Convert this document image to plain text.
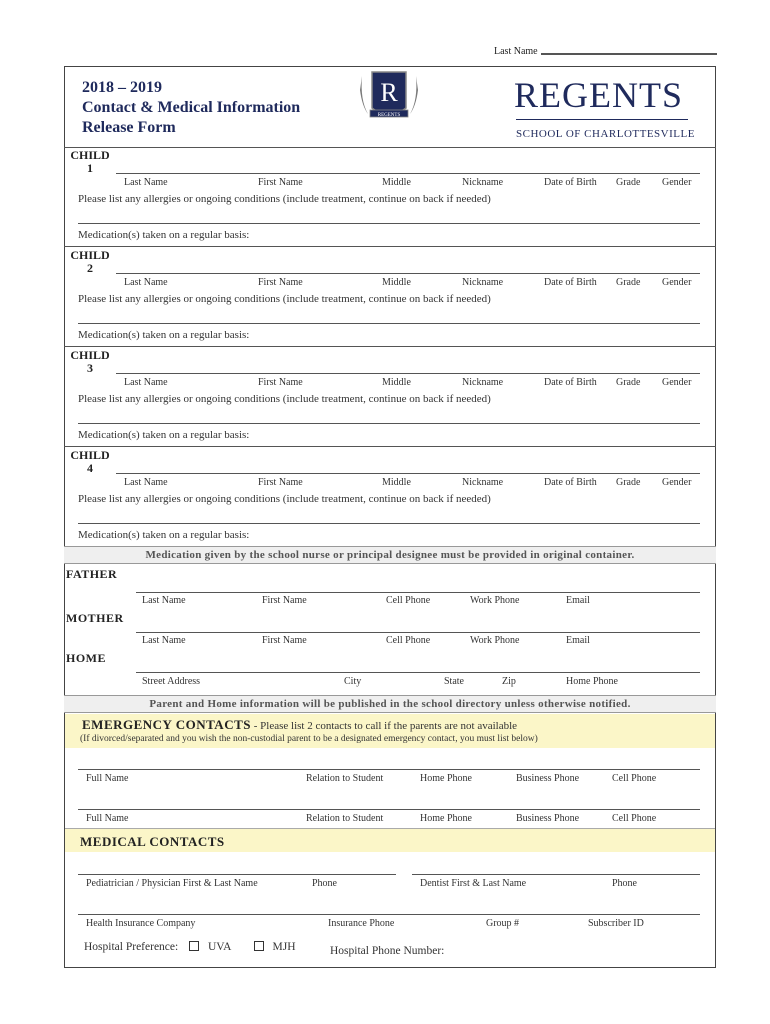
Last Name
2018 – 2019
Contact & Medical Information
Release Form
R
REGENTS
REGENTS
SCHOOL OF CHARLOTTESVILLE
CHILD
1
Last Name	First Name	Middle	Nickname	Date of Birth Grade Gender
Please list any allergies or ongoing conditions (include treatment, continue on back if needed)
Medication(s) taken on a regular basis:
CHILD
2
Last Name	First Name	Middle	Nickname	Date of Birth Grade Gender
Please list any allergies or ongoing conditions (include treatment, continue on back if needed)
Medication(s) taken on a regular basis:
CHILD
3
Last Name	First Name	Middle	Nickname	Date of Birth Grade Gender
Please list any allergies or ongoing conditions (include treatment, continue on back if needed)
Medication(s) taken on a regular basis:
CHILD
4
Last Name	First Name	Middle	Nickname	Date of Birth Grade Gender
Please list any allergies or ongoing conditions (include treatment, continue on back if needed)
Medication(s) taken on a regular basis:
Medication given by the school nurse or principal designee must be provided in original container.
FATHER
Last Name	First Name	Cell Phone	Work Phone	Email
MOTHER
Last Name	First Name	Cell Phone	Work Phone	Email
HOME
Street Address	City	State	Zip	Home Phone
Parent and Home information will be published in the school directory unless otherwise notified.
EMERGENCY CONTACTS - Please list 2 contacts to call if the parents are not available
(If divorced/separated and you wish the non-custodial parent to be a designated emergency contact, you must list below)
Full Name	Relation to Student	Home Phone	Business Phone	Cell Phone
Full Name	Relation to Student	Home Phone	Business Phone	Cell Phone
MEDICAL CONTACTS
Pediatrician / Physician First & Last Name	Phone	Dentist First & Last Name	Phone
Health Insurance Company	Insurance Phone	Group #	Subscriber ID
Hospital Preference:	UVA	MJH	Hospital Phone Number:
